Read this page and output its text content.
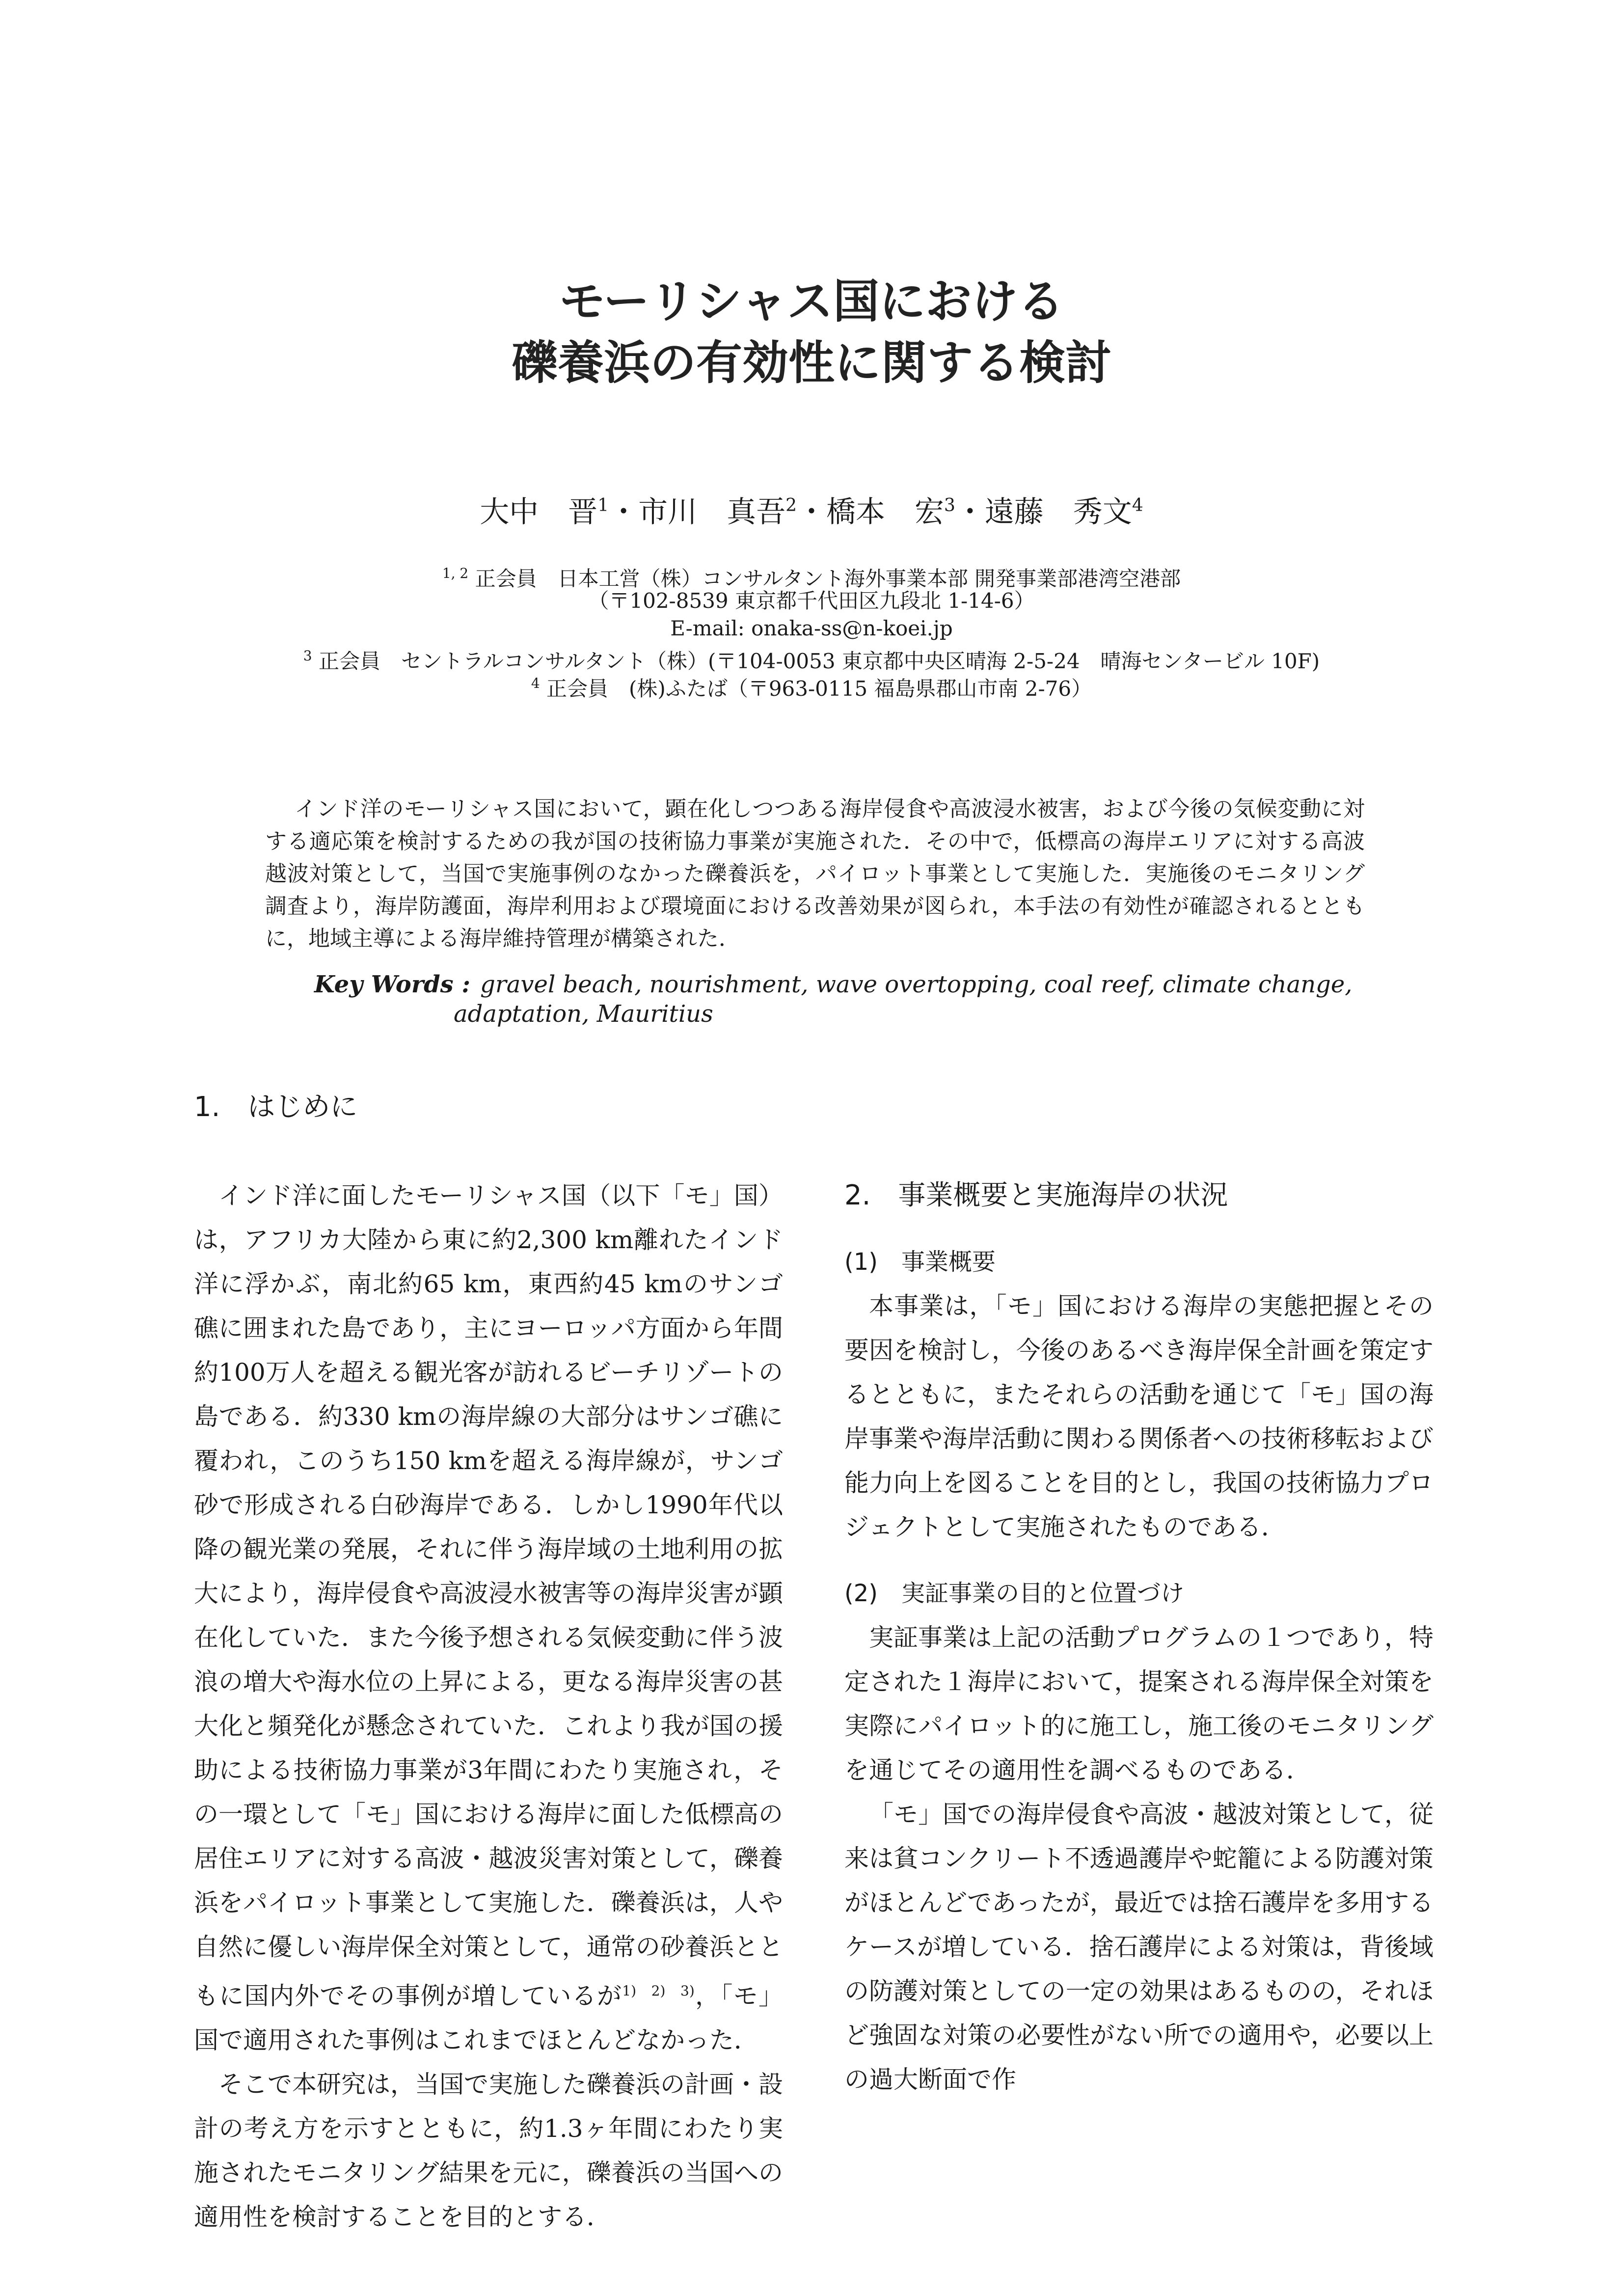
モーリシャス国における
礫養浜の有効性に関する検討
大中　晋$^1$・市川　真吾$^2$・橋本　宏$^3$・遠藤　秀文$^4$
$^{1, 2}$ 正会員　日本工営（株）コンサルタント海外事業本部 開発事業部港湾空港部
（〒102-8539 東京都千代田区九段北 1-14-6）
E-mail: onaka-ss@n-koei.jp
$^3$ 正会員　セントラルコンサルタント（株）(〒104-0053 東京都中央区晴海 2-5-24　晴海センタービル 10F)
$^4$ 正会員　(株)ふたば（〒963-0115 福島県郡山市南 2-76）
インド洋のモーリシャス国において，顕在化しつつある海岸侵食や高波浸水被害，および今後の気候変動に対する適応策を検討するための我が国の技術協力事業が実施された．その中で，低標高の海岸エリアに対する高波越波対策として，当国で実施事例のなかった礫養浜を，パイロット事業として実施した．実施後のモニタリング調査より，海岸防護面，海岸利用および環境面における改善効果が図られ，本手法の有効性が確認されるとともに，地域主導による海岸維持管理が構築された．
Key Words : gravel beach, nourishment, wave overtopping, coal reef, climate change,
adaptation, Mauritius
1.　はじめに

インド洋に面したモーリシャス国（以下「モ」国）は，アフリカ大陸から東に約2,300 km離れたインド洋に浮かぶ，南北約65 km，東西約45 kmのサンゴ礁に囲まれた島であり，主にヨーロッパ方面から年間約100万人を超える観光客が訪れるビーチリゾートの島である．約330 kmの海岸線の大部分はサンゴ礁に覆われ，このうち150 kmを超える海岸線が，サンゴ砂で形成される白砂海岸である．しかし1990年代以降の観光業の発展，それに伴う海岸域の土地利用の拡大により，海岸侵食や高波浸水被害等の海岸災害が顕在化していた．また今後予想される気候変動に伴う波浪の増大や海水位の上昇による，更なる海岸災害の甚大化と頻発化が懸念されていた．これより我が国の援助による技術協力事業が3年間にわたり実施され，その一環として「モ」国における海岸に面した低標高の居住エリアに対する高波・越波災害対策として，礫養浜をパイロット事業として実施した．礫養浜は，人や自然に優しい海岸保全対策として，通常の砂養浜とともに国内外でその事例が増しているが$^{1) 2) 3)}$，「モ」国で適用された事例はこれまでほとんどなかった．

そこで本研究は，当国で実施した礫養浜の計画・設計の考え方を示すとともに，約1.3ヶ年間にわたり実施されたモニタリング結果を元に，礫養浜の当国への適用性を検討することを目的とする．

2.　事業概要と実施海岸の状況
(1)　事業概要

本事業は，「モ」国における海岸の実態把握とその要因を検討し，今後のあるべき海岸保全計画を策定するとともに，またそれらの活動を通じて「モ」国の海岸事業や海岸活動に関わる関係者への技術移転および能力向上を図ることを目的とし，我国の技術協力プロジェクトとして実施されたものである．

(2)　実証事業の目的と位置づけ

実証事業は上記の活動プログラムの１つであり，特定された１海岸において，提案される海岸保全対策を実際にパイロット的に施工し，施工後のモニタリングを通じてその適用性を調べるものである．

「モ」国での海岸侵食や高波・越波対策として，従来は貧コンクリート不透過護岸や蛇籠による防護対策がほとんどであったが，最近では捨石護岸を多用するケースが増している．捨石護岸による対策は，背後域の防護対策としての一定の効果はあるものの，それほど強固な対策の必要性がない所での適用や，必要以上の過大断面で作
